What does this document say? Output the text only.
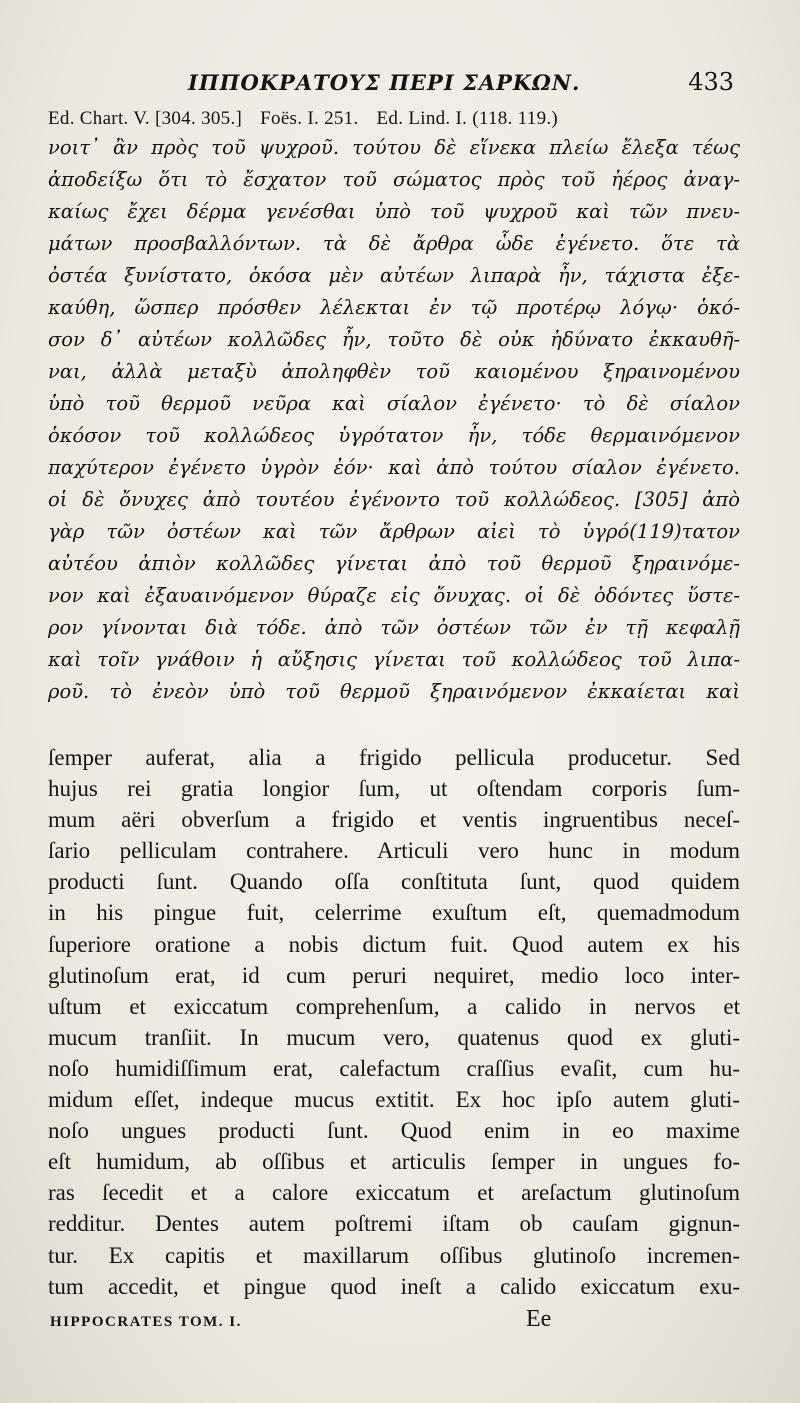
ΙΠΠΟΚΡΑΤΟΥΣ ΠΕΡΙ ΣΑΡΚΩΝ.	433
Ed. Chart. V. [304. 305.] Foës. I. 251. Ed. Lind. I. (118. 119.)
νοιτ᾽ ἂν πρὸς τοῦ ψυχροῦ. τούτου δὲ εἵνεκα πλείω ἔλεξα τέως
ἀποδείξω ὅτι τὸ ἔσχατον τοῦ σώματος πρὸς τοῦ ἠέρος ἀναγ-
καίως ἔχει δέρμα γενέσθαι ὑπὸ τοῦ ψυχροῦ καὶ τῶν πνευ-
μάτων προσβαλλόντων. τὰ δὲ ἄρθρα ὧδε ἐγένετο. ὅτε τὰ
ὀστέα ξυνίστατο, ὁκόσα μὲν αὐτέων λιπαρὰ ἦν, τάχιστα ἐξε-
καύθη, ὥσπερ πρόσθεν λέλεκται ἐν τῷ προτέρῳ λόγῳ· ὁκό-
σον δ᾽ αὐτέων κολλῶδες ἦν, τοῦτο δὲ οὐκ ἠδύνατο ἐκκαυθῆ-
ναι, ἀλλὰ μεταξὺ ἀποληφθὲν τοῦ καιομένου ξηραινομένου
ὑπὸ τοῦ θερμοῦ νεῦρα καὶ σίαλον ἐγένετο· τὸ δὲ σίαλον
ὁκόσον τοῦ κολλώδεος ὑγρότατον ἦν, τόδε θερμαινόμενον
παχύτερον ἐγένετο ὑγρὸν ἐόν· καὶ ἀπὸ τούτου σίαλον ἐγένετο.
οἱ δὲ ὄνυχες ἀπὸ τουτέου ἐγένοντο τοῦ κολλώδεος. [305] ἀπὸ
γὰρ τῶν ὀστέων καὶ τῶν ἄρθρων αἰεὶ τὸ ὑγρό(119)τατον
αὐτέου ἀπιὸν κολλῶδες γίνεται ἀπὸ τοῦ θερμοῦ ξηραινόμε-
νον καὶ ἐξαυαινόμενον θύραζε εἰς ὄνυχας. οἱ δὲ ὀδόντες ὕστε-
ρον γίνονται διὰ τόδε. ἀπὸ τῶν ὀστέων τῶν ἐν τῇ κεφαλῇ
καὶ τοῖν γνάθοιν ἡ αὔξησις γίνεται τοῦ κολλώδεος τοῦ λιπα-
ροῦ. τὸ ἐνεὸν ὑπὸ τοῦ θερμοῦ ξηραινόμενον ἐκκαίεται καὶ
ſemper auferat, alia a frigido pellicula producetur. Sed
hujus rei gratia longior ſum, ut oſtendam corporis ſum-
mum aëri obverſum a frigido et ventis ingruentibus neceſ-
ſario pelliculam contrahere. Articuli vero hunc in modum
producti ſunt. Quando oſſa conſtituta ſunt, quod quidem
in his pingue fuit, celerrime exuſtum eſt, quemadmodum
ſuperiore oratione a nobis dictum fuit. Quod autem ex his
glutinoſum erat, id cum peruri nequiret, medio loco inter-
uſtum et exiccatum comprehenſum, a calido in nervos et
mucum tranſiit. In mucum vero, quatenus quod ex gluti-
noſo humidiſſimum erat, calefactum craſſius evaſit, cum hu-
midum eſſet, indeque mucus extitit. Ex hoc ipſo autem gluti-
noſo ungues producti ſunt. Quod enim in eo maxime
eſt humidum, ab oſſibus et articulis ſemper in ungues fo-
ras ſecedit et a calore exiccatum et areſactum glutinoſum
redditur. Dentes autem poſtremi iſtam ob cauſam gignun-
tur. Ex capitis et maxillarum oſſibus glutinoſo incremen-
tum accedit, et pingue quod ineſt a calido exiccatum exu-
HIPPOCRATES TOM. I.	Ee
